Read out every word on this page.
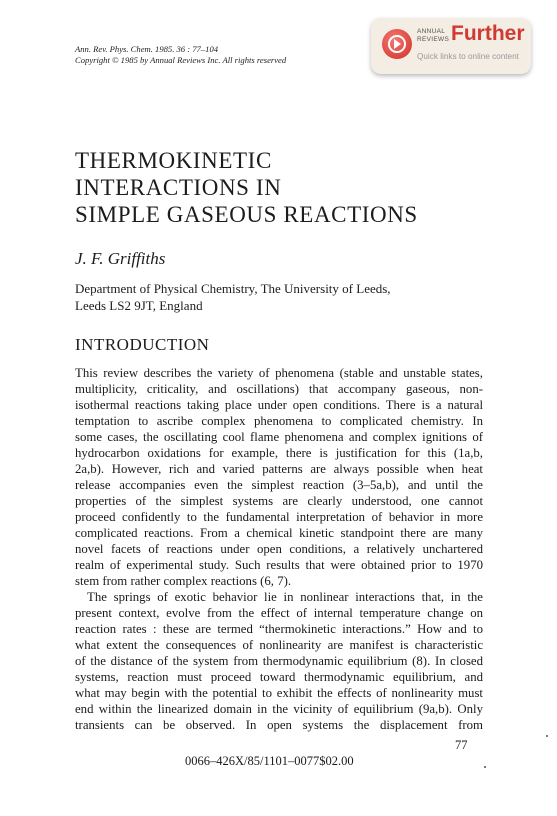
Ann. Rev. Phys. Chem. 1985. 36 : 77–104
Copyright © 1985 by Annual Reviews Inc. All rights reserved
ANNUAL
REVIEWS Further
Quick links to online content
THERMOKINETIC
INTERACTIONS IN
SIMPLE GASEOUS REACTIONS
J. F. Griffiths
Department of Physical Chemistry, The University of Leeds,
Leeds LS2 9JT, England
INTRODUCTION
This review describes the variety of phenomena (stable and unstable states,
multiplicity, criticality, and oscillations) that accompany gaseous, non-
isothermal reactions taking place under open conditions. There is a natural
temptation to ascribe complex phenomena to complicated chemistry. In
some cases, the oscillating cool flame phenomena and complex ignitions of
hydrocarbon oxidations for example, there is justification for this (1a,b,
2a,b). However, rich and varied patterns are always possible when heat
release accompanies even the simplest reaction (3–5a,b), and until the
properties of the simplest systems are clearly understood, one cannot
proceed confidently to the fundamental interpretation of behavior in more
complicated reactions. From a chemical kinetic standpoint there are many
novel facets of reactions under open conditions, a relatively unchartered
realm of experimental study. Such results that were obtained prior to 1970
stem from rather complex reactions (6, 7).
The springs of exotic behavior lie in nonlinear interactions that, in the
present context, evolve from the effect of internal temperature change on
reaction rates : these are termed “thermokinetic interactions.” How and to
what extent the consequences of nonlinearity are manifest is characteristic
of the distance of the system from thermodynamic equilibrium (8). In closed
systems, reaction must proceed toward thermodynamic equilibrium, and
what may begin with the potential to exhibit the effects of nonlinearity must
end within the linearized domain in the vicinity of equilibrium (9a,b). Only
transients can be observed. In open systems the displacement from
77
0066–426X/85/1101–0077$02.00
